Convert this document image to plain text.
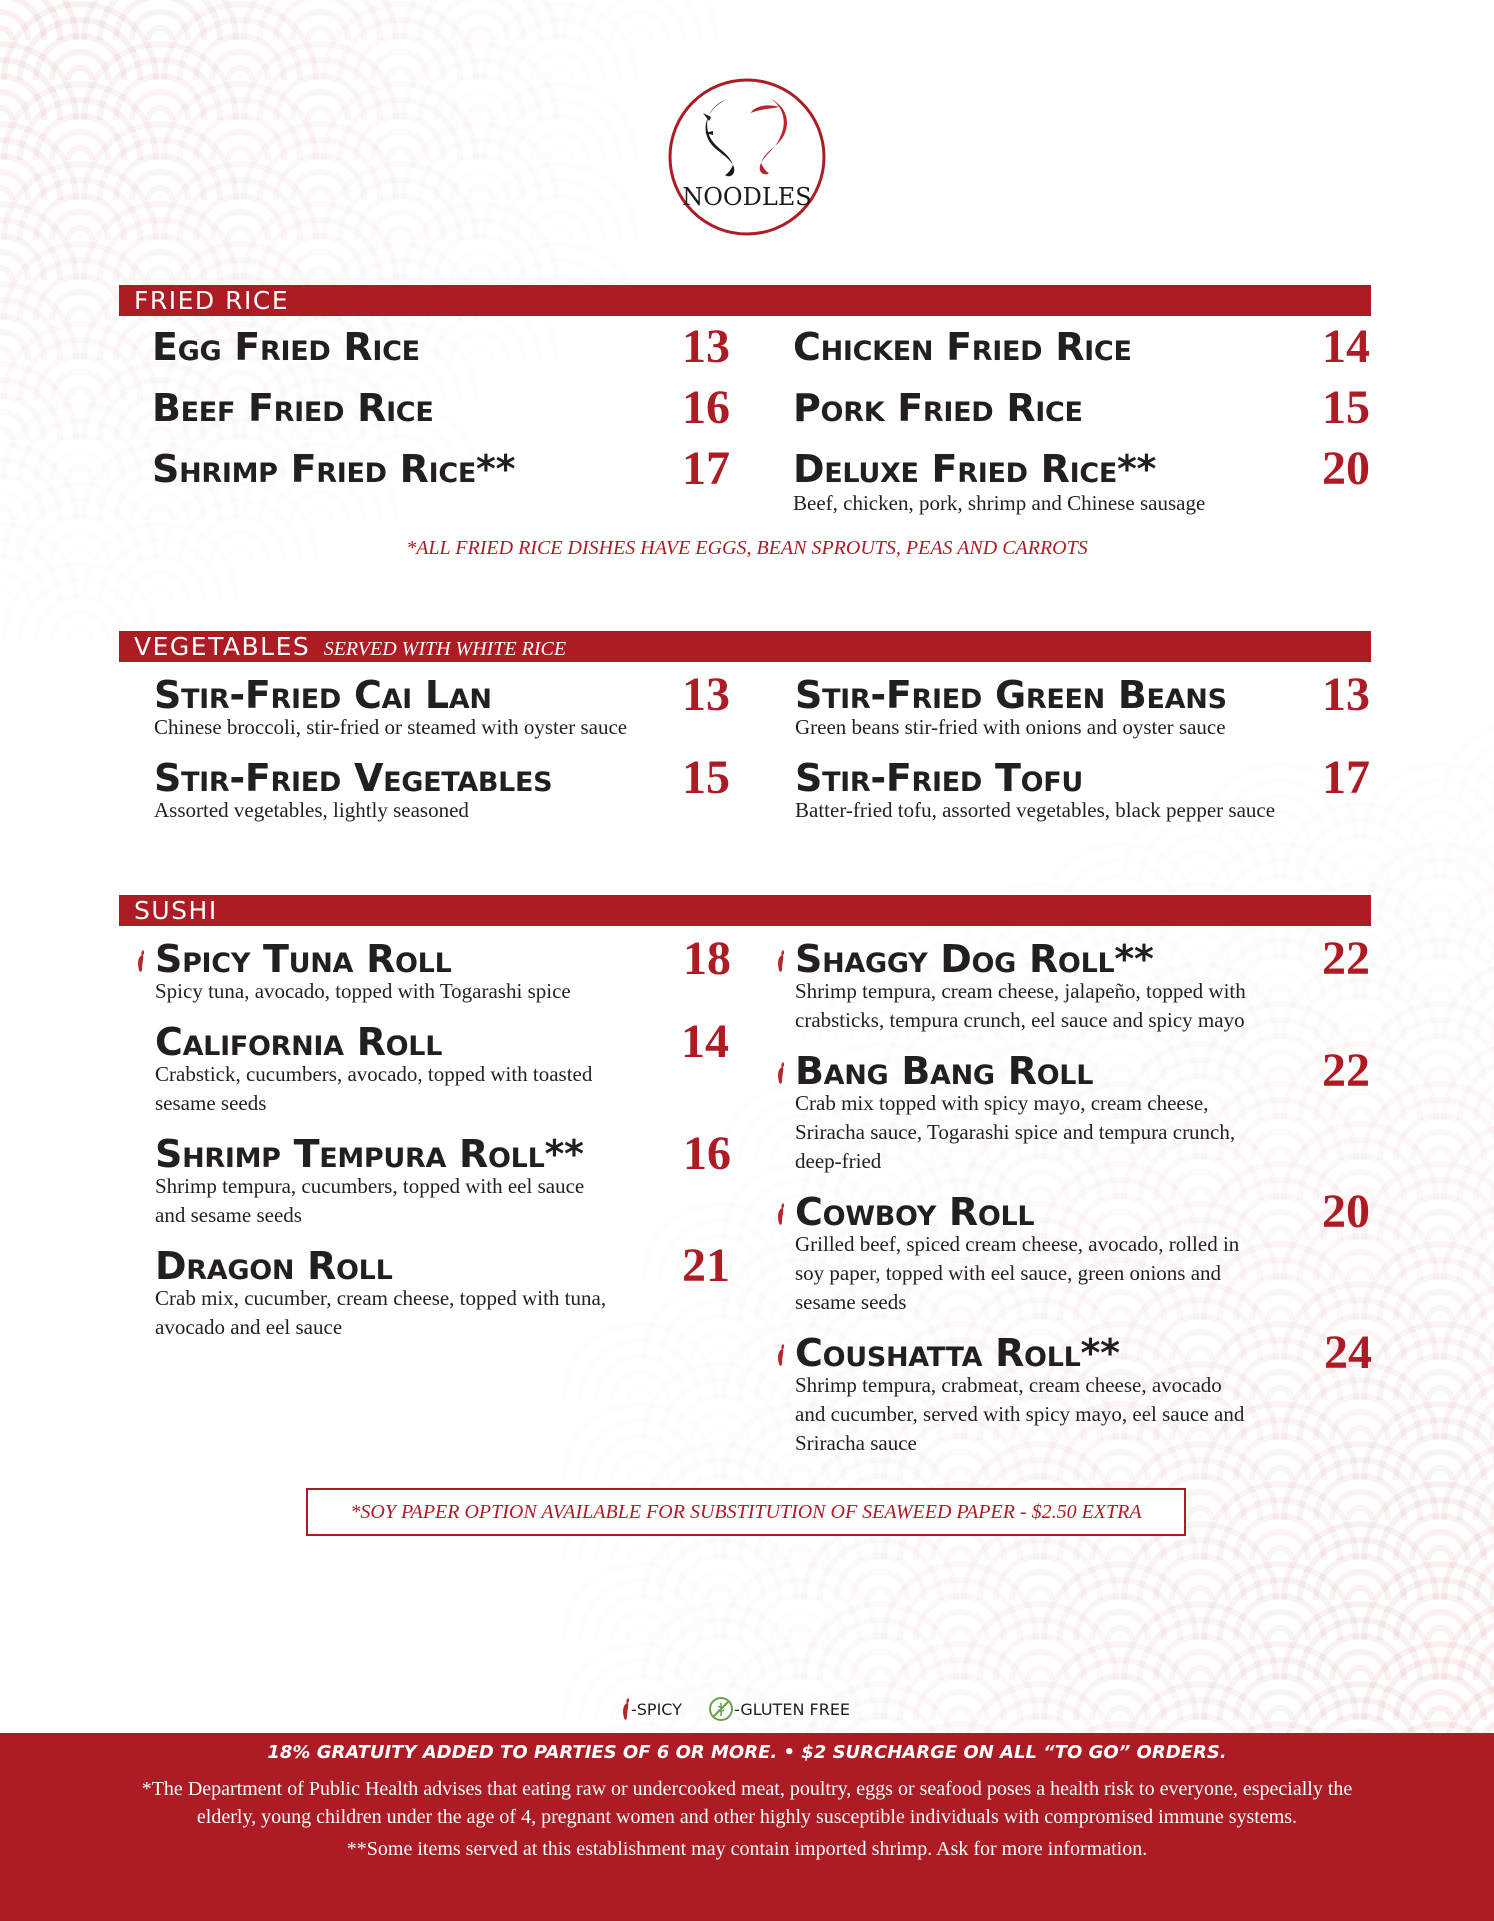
NOODLES
FRIED RICE
Egg Fried Rice	13
Beef Fried Rice	16
Shrimp Fried Rice**	17
Chicken Fried Rice	14
Pork Fried Rice	15
Deluxe Fried Rice**	20
Beef, chicken, pork, shrimp and Chinese sausage
*ALL FRIED RICE DISHES HAVE EGGS, BEAN SPROUTS, PEAS AND CARROTS
VEGETABLES SERVED WITH WHITE RICE
Stir-Fried Cai Lan	13
Chinese broccoli, stir-fried or steamed with oyster sauce
Stir-Fried Vegetables	15
Assorted vegetables, lightly seasoned
Stir-Fried Green Beans 13
Green beans stir-fried with onions and oyster sauce
Stir-Fried Tofu	17
Batter-fried tofu, assorted vegetables, black pepper sauce
SUSHI
Spicy Tuna Roll	18
Spicy tuna, avocado, topped with Togarashi spice
California Roll	14
Crabstick, cucumbers, avocado, topped with toasted
sesame seeds
Shrimp Tempura Roll** 16
Shrimp tempura, cucumbers, topped with eel sauce
and sesame seeds
Dragon Roll	21
Crab mix, cucumber, cream cheese, topped with tuna,
avocado and eel sauce
Shaggy Dog Roll**	22
Shrimp tempura, cream cheese, jalapeño, topped with
crabsticks, tempura crunch, eel sauce and spicy mayo
Bang Bang Roll	22
Crab mix topped with spicy mayo, cream cheese,
Sriracha sauce, Togarashi spice and tempura crunch,
deep-fried
Cowboy Roll	20
Grilled beef, spiced cream cheese, avocado, rolled in
soy paper, topped with eel sauce, green onions and
sesame seeds
Coushatta Roll**	24
Shrimp tempura, crabmeat, cream cheese, avocado
and cucumber, served with spicy mayo, eel sauce and
Sriracha sauce
*SOY PAPER OPTION AVAILABLE FOR SUBSTITUTION OF SEAWEED PAPER - $2.50 EXTRA
-SPICY	-GLUTEN FREE
18% GRATUITY ADDED TO PARTIES OF 6 OR MORE. • $2 SURCHARGE ON ALL “TO GO” ORDERS.
*The Department of Public Health advises that eating raw or undercooked meat, poultry, eggs or seafood poses a health risk to everyone, especially the elderly, young children under the age of 4, pregnant women and other highly susceptible individuals with compromised immune systems.
**Some items served at this establishment may contain imported shrimp. Ask for more information.
